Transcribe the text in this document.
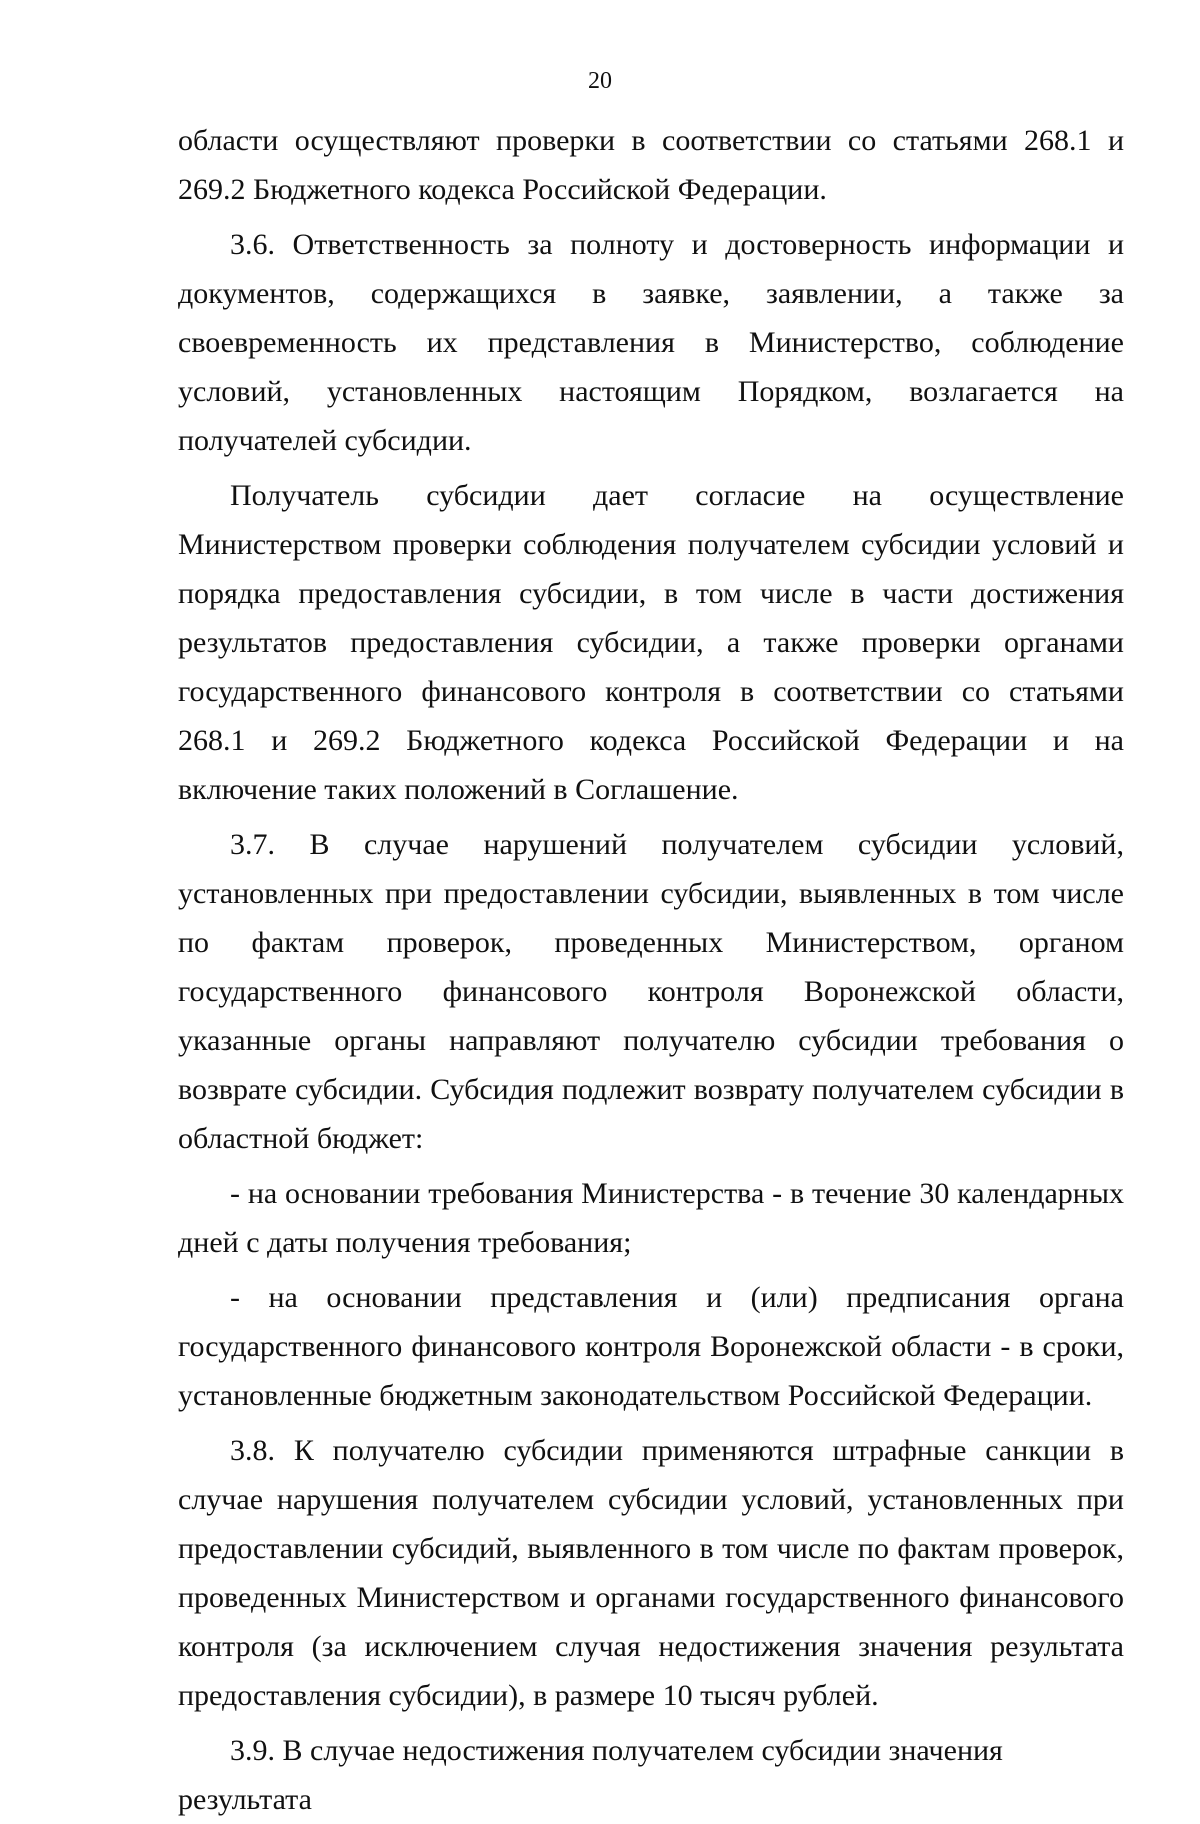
20

области осуществляют проверки в соответствии со статьями 268.1 и 269.2 Бюджетного кодекса Российской Федерации.

3.6. Ответственность за полноту и достоверность информации и документов, содержащихся в заявке, заявлении, а также за своевременность их представления в Министерство, соблюдение условий, установленных настоящим Порядком, возлагается на получателей субсидии.

Получатель субсидии дает согласие на осуществление Министерством проверки соблюдения получателем субсидии условий и порядка предоставления субсидии, в том числе в части достижения результатов предоставления субсидии, а также проверки органами государственного финансового контроля в соответствии со статьями 268.1 и 269.2 Бюджетного кодекса Российской Федерации и на включение таких положений в Соглашение.

3.7. В случае нарушений получателем субсидии условий, установленных при предоставлении субсидии, выявленных в том числе по фактам проверок, проведенных Министерством, органом государственного финансового контроля Воронежской области, указанные органы направляют получателю субсидии требования о возврате субсидии. Субсидия подлежит возврату получателем субсидии в областной бюджет:

- на основании требования Министерства - в течение 30 календарных дней с даты получения требования;

- на основании представления и (или) предписания органа государственного финансового контроля Воронежской области - в сроки, установленные бюджетным законодательством Российской Федерации.

3.8. К получателю субсидии применяются штрафные санкции в случае нарушения получателем субсидии условий, установленных при предоставлении субсидий, выявленного в том числе по фактам проверок, проведенных Министерством и органами государственного финансового контроля (за исключением случая недостижения значения результата предоставления субсидии), в размере 10 тысяч рублей.

3.9. В случае недостижения получателем субсидии значения результата
